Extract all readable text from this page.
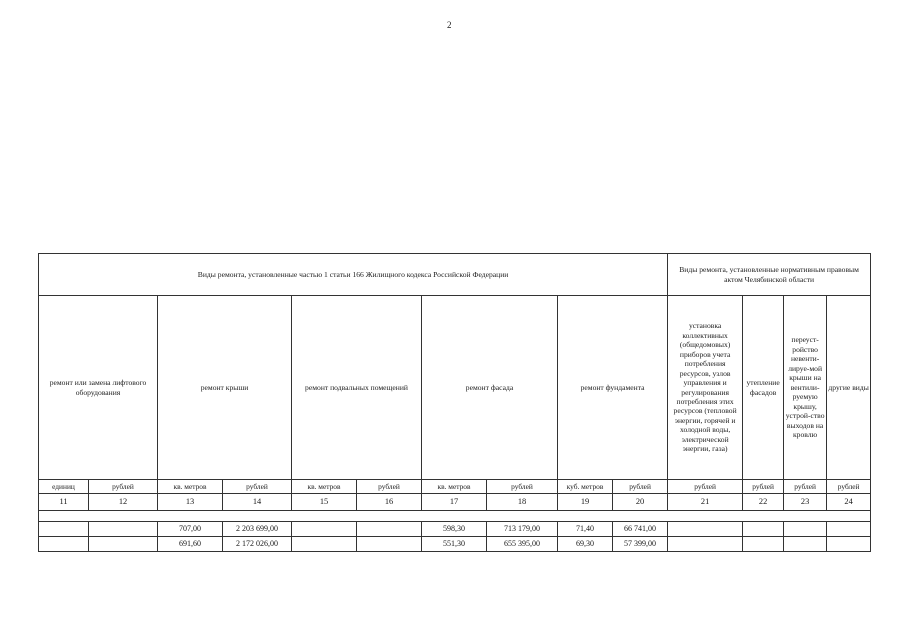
2
Виды ремонта, установленные частью 1 статьи 166 Жилищного кодекса Российской Федерации										Виды ремонта, установленные нормативным правовым актом Челябинской области			
ремонт или замена лифтового оборудования		ремонт крыши		ремонт подвальных помещений		ремонт фасада		ремонт фундамента		установка коллективных (общедомовых) приборов учета потребления ресурсов, узлов управления и регулирования потребления этих ресурсов (тепловой энергии, горячей и холодной воды, электрической энергии, газа)	утепление фасадов	переуст-ройство невенти-лируе-мой крыши на вентили-руемую крышу, устрой-ство выходов на кровлю	другие виды
единиц	рублей	кв. метров	рублей	кв. метров	рублей	кв. метров	рублей	куб. метров	рублей	рублей	рублей	рублей	рублей
11	12	13	14	15	16	17	18	19	20	21	22	23	24

		707,00	2 203 699,00			598,30	713 179,00	71,40	66 741,00				
		691,60	2 172 026,00			551,30	655 395,00	69,30	57 399,00				
